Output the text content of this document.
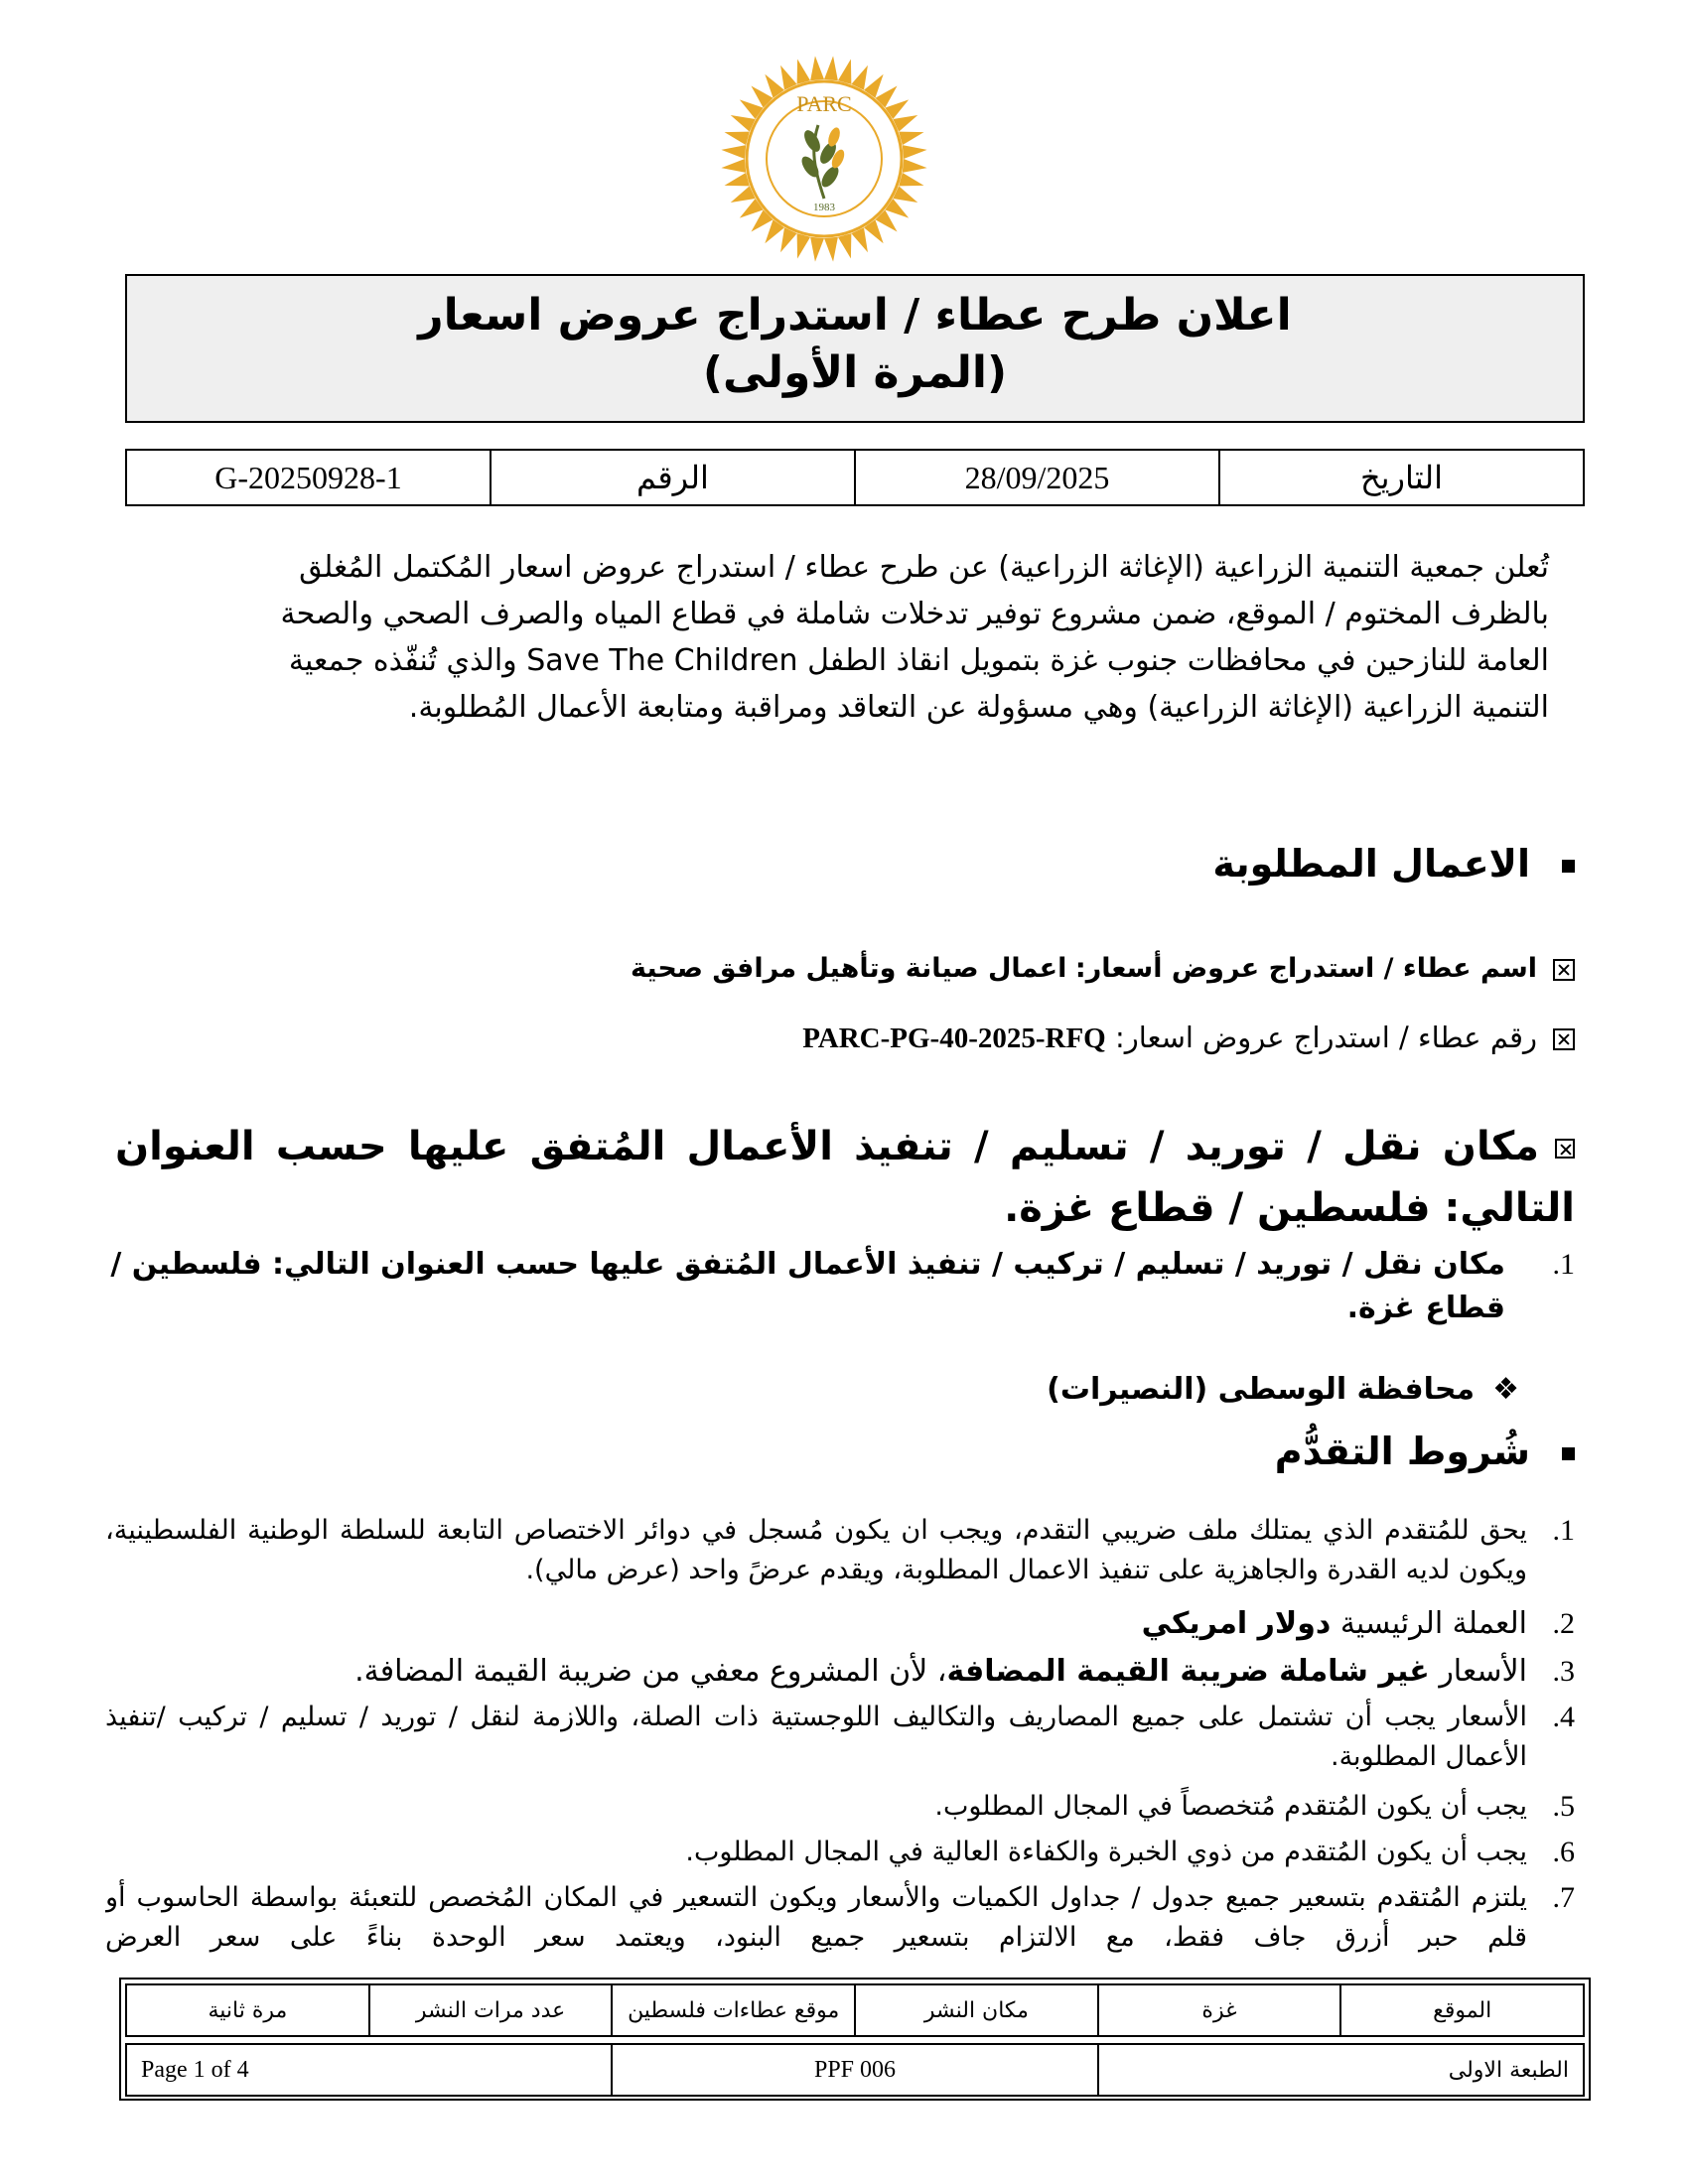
PARC
1983
اعلان طرح عطاء / استدراج عروض اسعار
(المرة الأولى)
التاريخ	28/09/2025	الرقم	G-20250928-1
تُعلن جمعية التنمية الزراعية (الإغاثة الزراعية) عن طرح عطاء / استدراج عروض اسعار المُكتمل المُغلق بالظرف المختوم / الموقع، ضمن مشروع توفير تدخلات شاملة في قطاع المياه والصرف الصحي والصحة العامة للنازحين في محافظات جنوب غزة بتمويل انقاذ الطفل Save The Children والذي تُنفّذه جمعية التنمية الزراعية (الإغاثة الزراعية) وهي مسؤولة عن التعاقد ومراقبة ومتابعة الأعمال المُطلوبة.
الاعمال المطلوبة
اسم عطاء / استدراج عروض أسعار: اعمال صيانة وتأهيل مرافق صحية
رقم عطاء / استدراج عروض اسعار: PARC-PG-40-2025-RFQ
مكان نقل / توريد / تسليم / تنفيذ الأعمال المُتفق عليها حسب العنوان التالي: فلسطين / قطاع غزة.
1.
مكان نقل / توريد / تسليم / تركيب / تنفيذ الأعمال المُتفق عليها حسب العنوان التالي: فلسطين / قطاع غزة.
❖محافظة الوسطى (النصيرات)
شُروط التقدُّم
1.
يحق للمُتقدم الذي يمتلك ملف ضريبي التقدم، ويجب ان يكون مُسجل في دوائر الاختصاص التابعة للسلطة الوطنية الفلسطينية، ويكون لديه القدرة والجاهزية على تنفيذ الاعمال المطلوبة، ويقدم عرضً واحد (عرض مالي).
2.
العملة الرئيسية دولار امريكي
3.
الأسعار غير شاملة ضريبة القيمة المضافة، لأن المشروع معفي من ضريبة القيمة المضافة.
4.
الأسعار يجب أن تشتمل على جميع المصاريف والتكاليف اللوجستية ذات الصلة، واللازمة لنقل / توريد / تسليم / تركيب /تنفيذ الأعمال المطلوبة.
5.
يجب أن يكون المُتقدم مُتخصصاً في المجال المطلوب.
6.
يجب أن يكون المُتقدم من ذوي الخبرة والكفاءة العالية في المجال المطلوب.
7.
يلتزم المُتقدم بتسعير جميع جدول / جداول الكميات والأسعار ويكون التسعير في المكان المُخصص للتعبئة بواسطة الحاسوب أو قلم حبر أزرق جاف فقط، مع الالتزام بتسعير جميع البنود، ويعتمد سعر الوحدة بناءً على سعر العرض
الموقع	غزة	مكان النشر	موقع عطاءات فلسطين	عدد مرات النشر	مرة ثانية
الطبعة الاولى	PPF 006	Page 1 of 4
